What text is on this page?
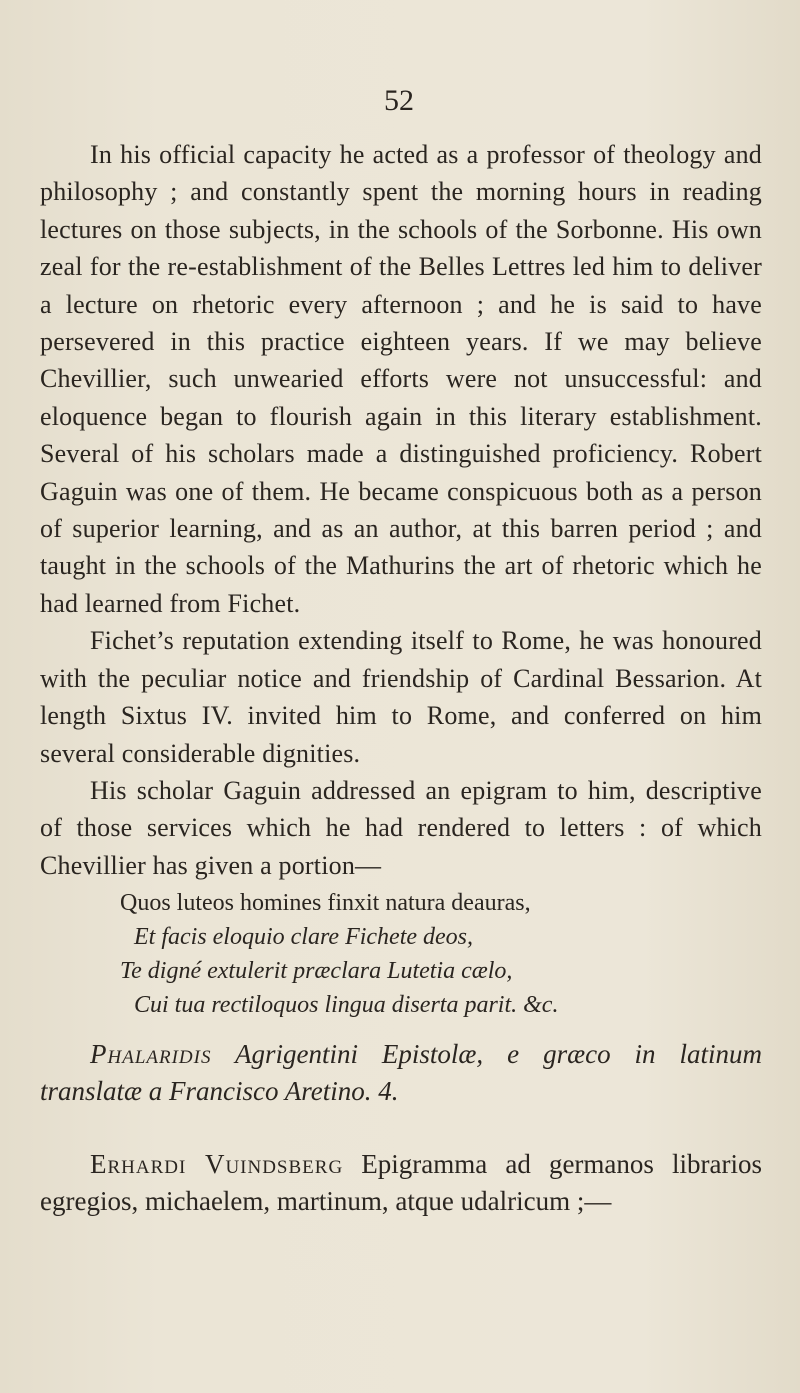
52

In his official capacity he acted as a professor of theology and philosophy ; and constantly spent the morning hours in reading lectures on those subjects, in the schools of the Sorbonne. His own zeal for the re-establishment of the Belles Lettres led him to deliver a lecture on rhetoric every afternoon ; and he is said to have persevered in this practice eighteen years. If we may believe Chevillier, such unwearied efforts were not unsuccessful: and eloquence began to flourish again in this literary establishment. Several of his scholars made a distinguished proficiency. Robert Gaguin was one of them. He became conspicuous both as a person of superior learning, and as an author, at this barren period ; and taught in the schools of the Mathurins the art of rhetoric which he had learned from Fichet.

Fichet’s reputation extending itself to Rome, he was honoured with the peculiar notice and friendship of Cardinal Bessarion. At length Sixtus IV. invited him to Rome, and conferred on him several considerable dignities.

His scholar Gaguin addressed an epigram to him, descriptive of those services which he had rendered to letters : of which Chevillier has given a portion—

Quos luteos homines finxit natura deauras,
Et facis eloquio clare Fichete deos,
Te digné extulerit præclara Lutetia cælo,
Cui tua rectiloquos lingua diserta parit. &c.
Phalaridis Agrigentini Epistolæ, e græco in latinum translatæ a Francisco Aretino. 4.
Erhardi Vuindsberg Epigramma ad germanos librarios egregios, michaelem, martinum, atque udalricum ;—
